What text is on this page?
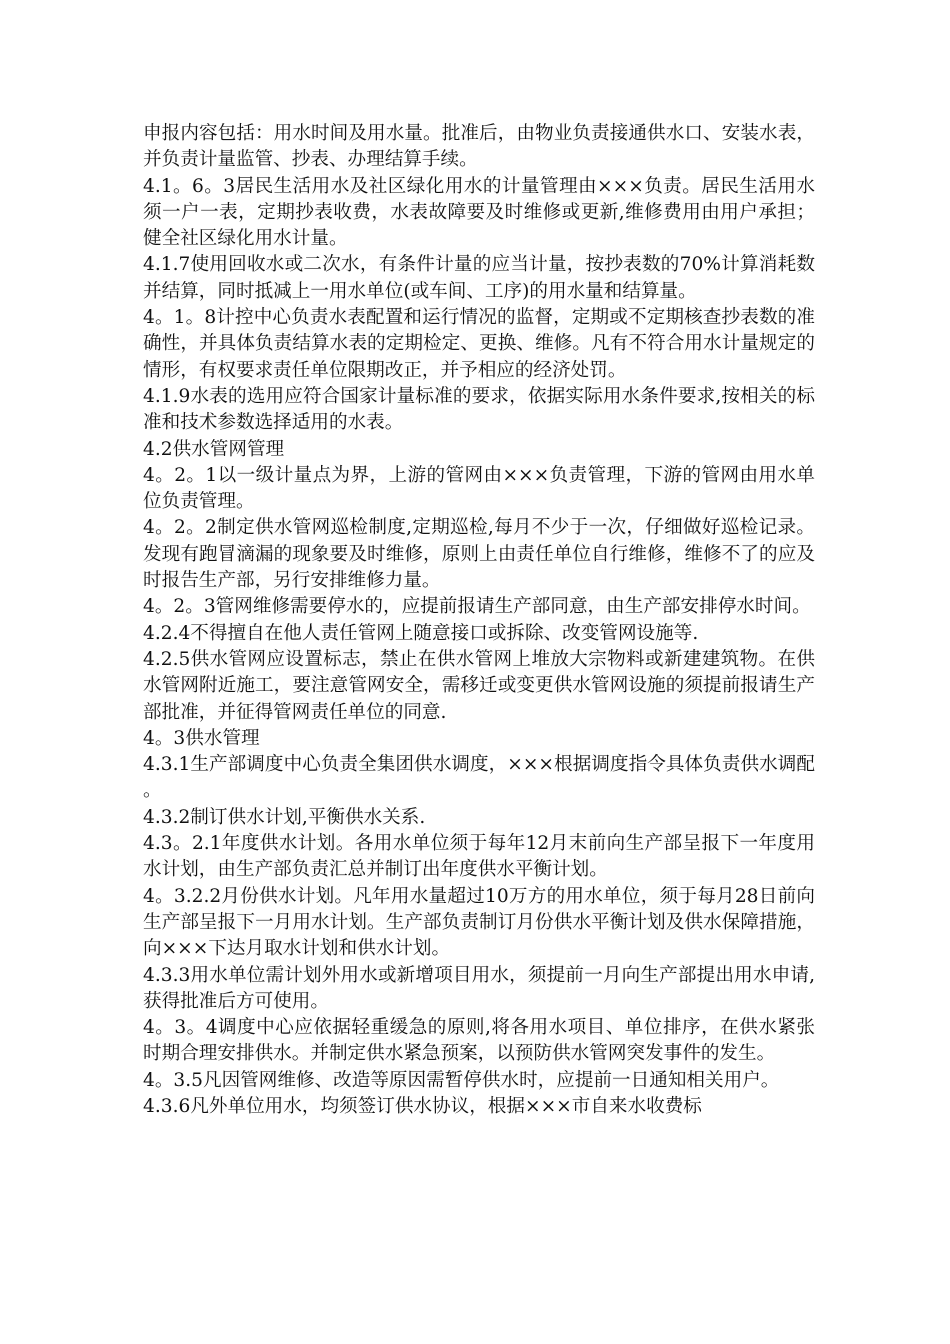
申报内容包括：用水时间及用水量。批准后，由物业负责接通供水口、安装水表，并负责计量监管、抄表、办理结算手续。

4.1。6。3居民生活用水及社区绿化用水的计量管理由×××负责。居民生活用水须一户一表，定期抄表收费，水表故障要及时维修或更新,维修费用由用户承担；健全社区绿化用水计量。

4.1.7使用回收水或二次水，有条件计量的应当计量，按抄表数的70%计算消耗数并结算，同时抵减上一用水单位(或车间、工序)的用水量和结算量。

4。1。8计控中心负责水表配置和运行情况的监督，定期或不定期核查抄表数的准确性，并具体负责结算水表的定期检定、更换、维修。凡有不符合用水计量规定的情形，有权要求责任单位限期改正，并予相应的经济处罚。

4.1.9水表的选用应符合国家计量标准的要求，依据实际用水条件要求,按相关的标准和技术参数选择适用的水表。

4.2供水管网管理

4。2。1以一级计量点为界，上游的管网由×××负责管理，下游的管网由用水单位负责管理。

4。2。2制定供水管网巡检制度,定期巡检,每月不少于一次，仔细做好巡检记录。发现有跑冒滴漏的现象要及时维修，原则上由责任单位自行维修，维修不了的应及时报告生产部，另行安排维修力量。

4。2。3管网维修需要停水的，应提前报请生产部同意，由生产部安排停水时间。

4.2.4不得擅自在他人责任管网上随意接口或拆除、改变管网设施等.

4.2.5供水管网应设置标志，禁止在供水管网上堆放大宗物料或新建建筑物。在供水管网附近施工，要注意管网安全，需移迁或变更供水管网设施的须提前报请生产部批准，并征得管网责任单位的同意.

4。3供水管理

4.3.1生产部调度中心负责全集团供水调度，×××根据调度指令具体负责供水调配。

4.3.2制订供水计划,平衡供水关系.

4.3。2.1年度供水计划。各用水单位须于每年12月末前向生产部呈报下一年度用水计划，由生产部负责汇总并制订出年度供水平衡计划。

4。3.2.2月份供水计划。凡年用水量超过10万方的用水单位，须于每月28日前向生产部呈报下一月用水计划。生产部负责制订月份供水平衡计划及供水保障措施，向×××下达月取水计划和供水计划。

4.3.3用水单位需计划外用水或新增项目用水，须提前一月向生产部提出用水申请,获得批准后方可使用。

4。3。4调度中心应依据轻重缓急的原则,将各用水项目、单位排序，在供水紧张时期合理安排供水。并制定供水紧急预案，以预防供水管网突发事件的发生。

4。3.5凡因管网维修、改造等原因需暂停供水时，应提前一日通知相关用户。

4.3.6凡外单位用水，均须签订供水协议，根据×××市自来水收费标
